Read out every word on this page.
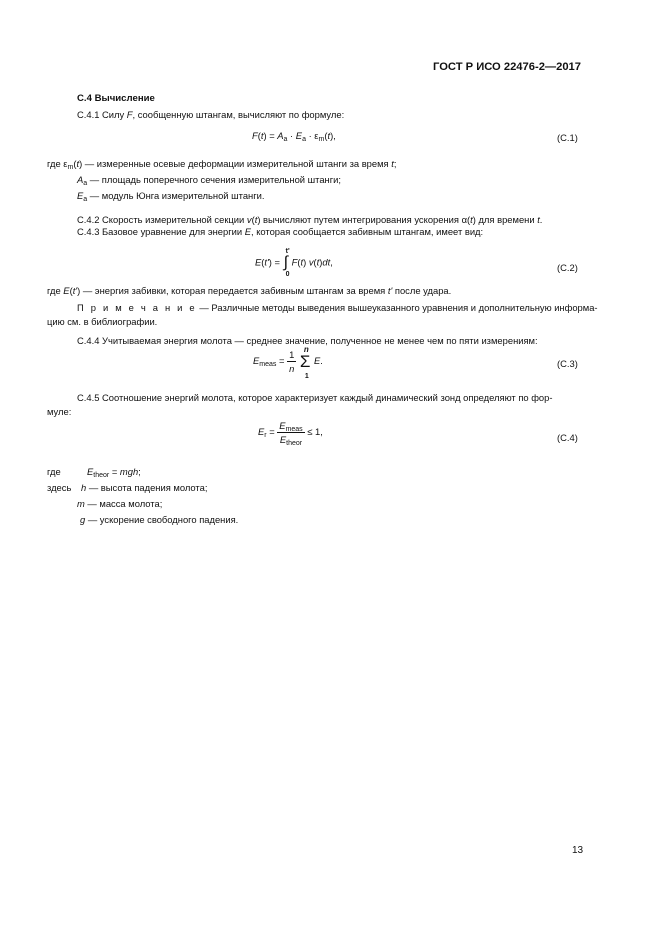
ГОСТ Р ИСО 22476-2—2017
С.4 Вычисление
С.4.1 Силу F, сообщенную штангам, вычисляют по формуле:
$F(t) = A_a \cdot E_a \cdot \varepsilon_m(t)$,	(С.1)
где $\varepsilon_m(t)$ — измеренные осевые деформации измерительной штанги за время t;
$A_a$ — площадь поперечного сечения измерительной штанги;
$E_a$ — модуль Юнга измерительной штанги.
С.4.2 Скорость измерительной секции v(t) вычисляют путем интегрирования ускорения α(t) для времени t.
С.4.3 Базовое уравнение для энергии E, которая сообщается забивным штангам, имеет вид:
E(t') = ∫
t'
0
F(t) v(t)dt,
(С.2)
где E(t') — энергия забивки, которая передается забивным штангам за время t' после удара.
П р и м е ч а н и е — Различные методы выведения вышеуказанного уравнения и дополнительную информа-
цию см. в библиографии.
С.4.4 Учитываемая энергия молота — среднее значение, полученное не менее чем по пяти измерениям:
$E_{meas} = \frac{1}{n}$ Σ
n
1
E.	(С.3)
С.4.5 Соотношение энергий молота, которое характеризует каждый динамический зонд определяют по фор-
муле:
$E_r = \frac{E_{meas}}{E_{theor}} \le 1$,
(С.4)
где	$E_{theor}$ = mgh;
здесь h — высота падения молота;
m — масса молота;
g — ускорение свободного падения.
13
